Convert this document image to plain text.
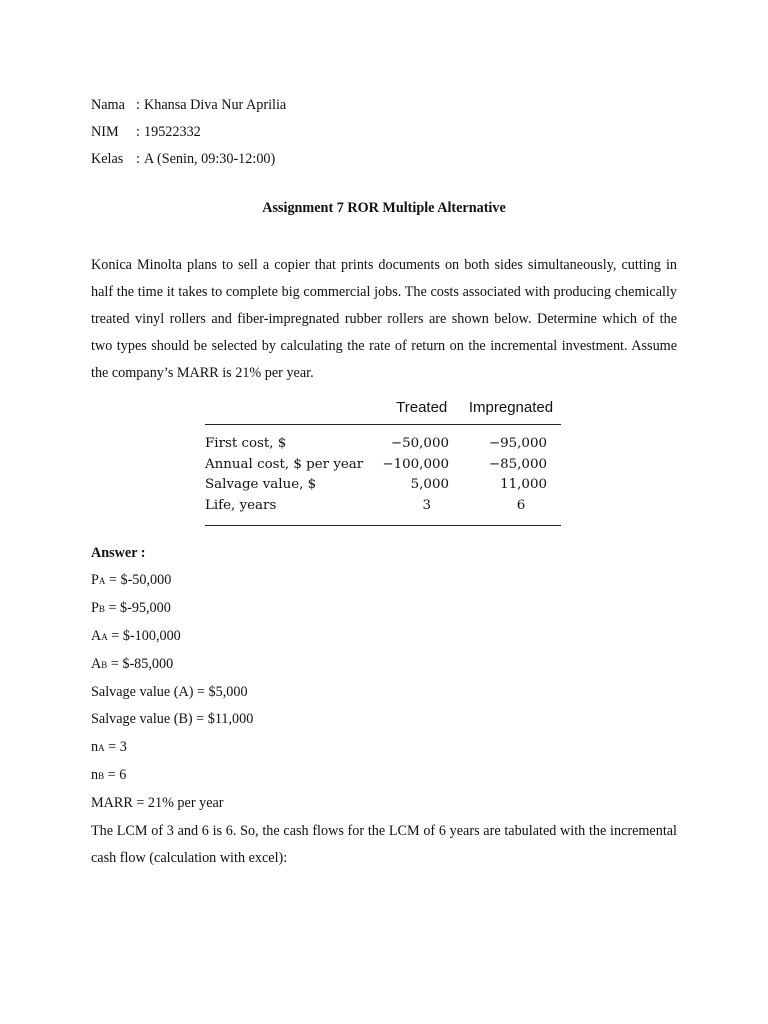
Nama : Khansa Diva Nur Aprilia
NIM	: 19522332
Kelas : A (Senin, 09:30-12:00)
Assignment 7 ROR Multiple Alternative
Konica Minolta plans to sell a copier that prints documents on both sides simultaneously, cutting in half the time it takes to complete big commercial jobs. The costs associated with producing chemically treated vinyl rollers and fiber-impregnated rubber rollers are shown below. Determine which of the two types should be selected by calculating the rate of return on the incremental investment. Assume the company’s MARR is 21% per year.
	Treated	Impregnated
First cost, $	−50,000	−95,000
Annual cost, $ per year	−100,000	−85,000
Salvage value, $	5,000	11,000
Life, years	3	6

Answer :
PA = $-50,000
PB = $-95,000
AA = $-100,000
AB = $-85,000
Salvage value (A) = $5,000
Salvage value (B) = $11,000
nA = 3
nB = 6
MARR = 21% per year
The LCM of 3 and 6 is 6. So, the cash flows for the LCM of 6 years are tabulated with the incremental cash flow (calculation with excel):
